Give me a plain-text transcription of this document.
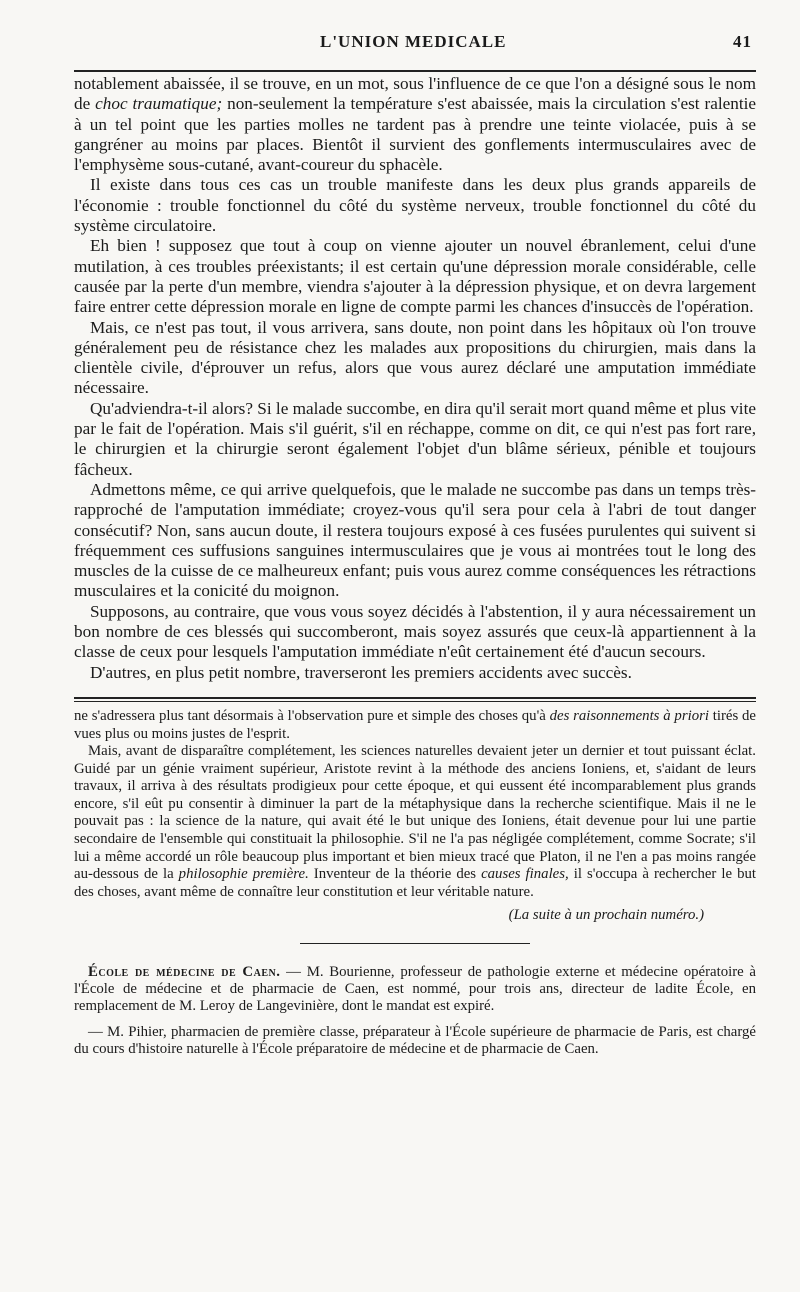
L'UNION MEDICALE	41

notablement abaissée, il se trouve, en un mot, sous l'influence de ce que l'on a désigné sous le nom de choc traumatique; non-seulement la température s'est abaissée, mais la circulation s'est ralentie à un tel point que les parties molles ne tardent pas à prendre une teinte violacée, puis à se gangréner au moins par places. Bientôt il survient des gonflements intermusculaires avec de l'emphysème sous-cutané, avant-coureur du sphacèle.

Il existe dans tous ces cas un trouble manifeste dans les deux plus grands appareils de l'économie : trouble fonctionnel du côté du système nerveux, trouble fonctionnel du côté du système circulatoire.

Eh bien ! supposez que tout à coup on vienne ajouter un nouvel ébranlement, celui d'une mutilation, à ces troubles préexistants; il est certain qu'une dépression morale considérable, celle causée par la perte d'un membre, viendra s'ajouter à la dépression physique, et on devra largement faire entrer cette dépression morale en ligne de compte parmi les chances d'insuccès de l'opération.

Mais, ce n'est pas tout, il vous arrivera, sans doute, non point dans les hôpitaux où l'on trouve généralement peu de résistance chez les malades aux propositions du chirurgien, mais dans la clientèle civile, d'éprouver un refus, alors que vous aurez déclaré une amputation immédiate nécessaire.

Qu'adviendra-t-il alors? Si le malade succombe, en dira qu'il serait mort quand même et plus vite par le fait de l'opération. Mais s'il guérit, s'il en réchappe, comme on dit, ce qui n'est pas fort rare, le chirurgien et la chirurgie seront également l'objet d'un blâme sérieux, pénible et toujours fâcheux.

Admettons même, ce qui arrive quelquefois, que le malade ne succombe pas dans un temps très-rapproché de l'amputation immédiate; croyez-vous qu'il sera pour cela à l'abri de tout danger consécutif? Non, sans aucun doute, il restera toujours exposé à ces fusées purulentes qui suivent si fréquemment ces suffusions sanguines intermusculaires que je vous ai montrées tout le long des muscles de la cuisse de ce malheureux enfant; puis vous aurez comme conséquences les rétractions musculaires et la conicité du moignon.

Supposons, au contraire, que vous vous soyez décidés à l'abstention, il y aura nécessairement un bon nombre de ces blessés qui succomberont, mais soyez assurés que ceux-là appartiennent à la classe de ceux pour lesquels l'amputation immédiate n'eût certainement été d'aucun secours.

D'autres, en plus petit nombre, traverseront les premiers accidents avec succès.

ne s'adressera plus tant désormais à l'observation pure et simple des choses qu'à des raisonnements à priori tirés de vues plus ou moins justes de l'esprit.

Mais, avant de disparaître complétement, les sciences naturelles devaient jeter un dernier et tout puissant éclat. Guidé par un génie vraiment supérieur, Aristote revint à la méthode des anciens Ioniens, et, s'aidant de leurs travaux, il arriva à des résultats prodigieux pour cette époque, et qui eussent été incomparablement plus grands encore, s'il eût pu consentir à diminuer la part de la métaphysique dans la recherche scientifique. Mais il ne le pouvait pas : la science de la nature, qui avait été le but unique des Ioniens, était devenue pour lui une partie secondaire de l'ensemble qui constituait la philosophie. S'il ne l'a pas négligée complétement, comme Socrate; s'il lui a même accordé un rôle beaucoup plus important et bien mieux tracé que Platon, il ne l'en a pas moins rangée au-dessous de la philosophie première. Inventeur de la théorie des causes finales, il s'occupa à rechercher le but des choses, avant même de connaître leur constitution et leur véritable nature.

(La suite à un prochain numéro.)

École de médecine de Caen. — M. Bourienne, professeur de pathologie externe et médecine opératoire à l'École de médecine et de pharmacie de Caen, est nommé, pour trois ans, directeur de ladite École, en remplacement de M. Leroy de Langevinière, dont le mandat est expiré.

— M. Pihier, pharmacien de première classe, préparateur à l'École supérieure de pharmacie de Paris, est chargé du cours d'histoire naturelle à l'École préparatoire de médecine et de pharmacie de Caen.
